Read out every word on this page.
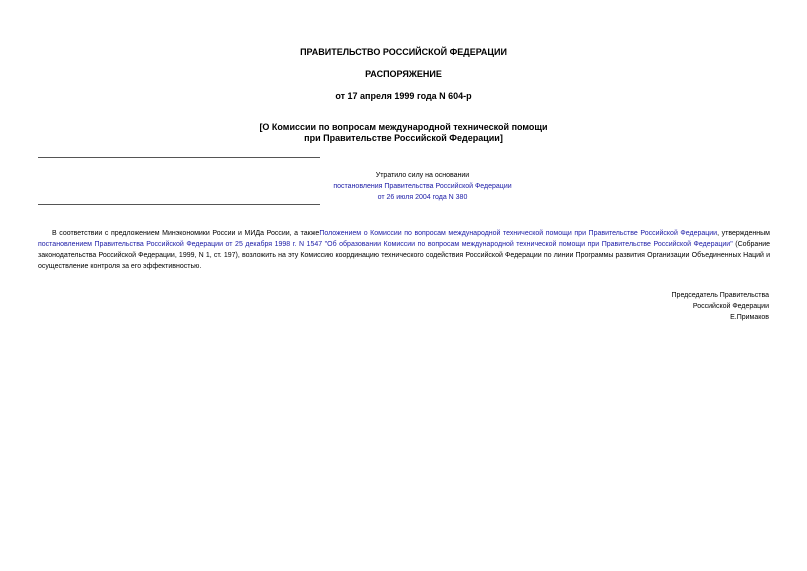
ПРАВИТЕЛЬСТВО РОССИЙСКОЙ ФЕДЕРАЦИИ

РАСПОРЯЖЕНИЕ

от 17 апреля 1999 года N 604-р

[О Комиссии по вопросам международной технической помощи
при Правительстве Российской Федерации]

Утратило силу на основании
постановления Правительства Российской Федерации
от 26 июля 2004 года N 380

В соответствии с предложением Минэкономики России и МИДа России, а такжеПоложением о Комиссии по вопросам международной технической помощи при Правительстве Российской Федерации, утвержденным постановлением Правительства Российской Федерации от 25 декабря 1998 г. N 1547 "Об образовании Комиссии по вопросам международной технической помощи при Правительстве Российской Федерации" (Собрание законодательства Российской Федерации, 1999, N 1, ст. 197), возложить на эту Комиссию координацию технического содействия Российской Федерации по линии Программы развития Организации Объединенных Наций и осуществление контроля за его эффективностью.

Председатель Правительства
Российской Федерации
Е.Примаков
